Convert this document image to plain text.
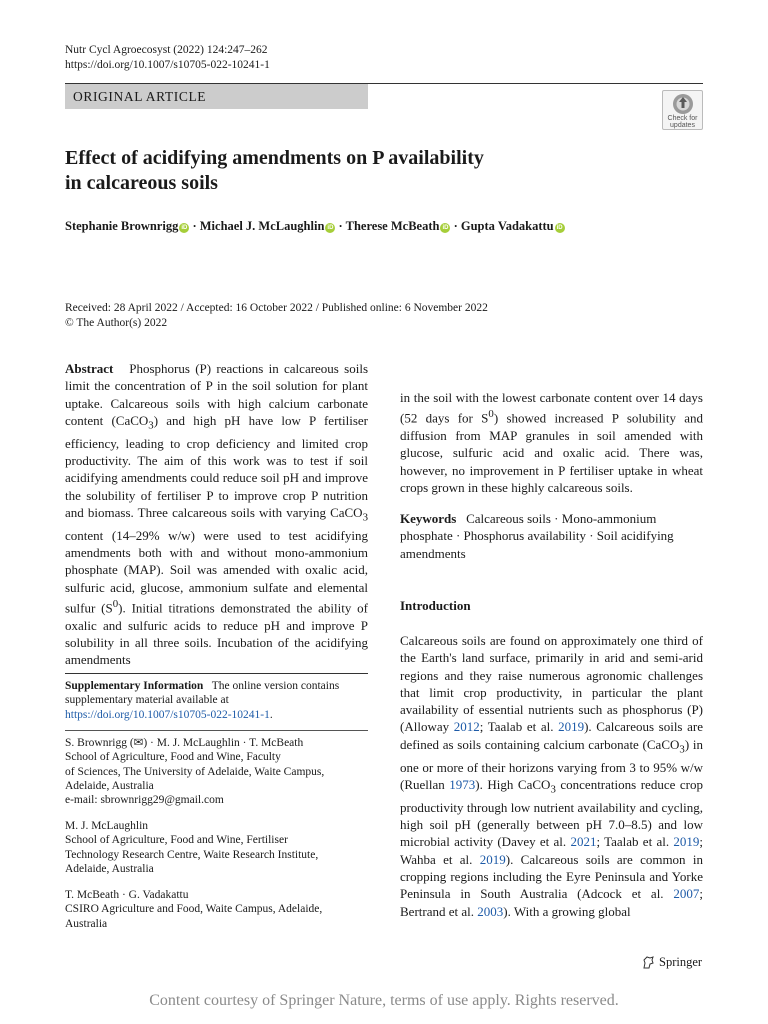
Nutr Cycl Agroecosyst (2022) 124:247–262
https://doi.org/10.1007/s10705-022-10241-1
ORIGINAL ARTICLE
Check for
updates
Effect of acidifying amendments on P availability
in calcareous soils
Stephanie Brownrigg iD · Michael J. McLaughlin iD · Therese McBeath iD · Gupta Vadakattu iD
Received: 28 April 2022 / Accepted: 16 October 2022 / Published online: 6 November 2022
© The Author(s) 2022

Abstract Phosphorus (P) reactions in calcareous soils limit the concentration of P in the soil solution for plant uptake. Calcareous soils with high calcium carbonate content (CaCO$_3$) and high pH have low P fertiliser efficiency, leading to crop deficiency and limited crop productivity. The aim of this work was to test if soil acidifying amendments could reduce soil pH and improve the solubility of fertiliser P to improve crop P nutrition and biomass. Three calcareous soils with varying CaCO$_3$ content (14–29% w/w) were used to test acidifying amendments both with and without mono-ammonium phosphate (MAP). Soil was amended with oxalic acid, sulfuric acid, glucose, ammonium sulfate and elemental sulfur $(S^0)$. Initial titrations demonstrated the ability of oxalic and sulfuric acids to reduce pH and improve P solubility in all three soils. Incubation of the acidifying amendments

Supplementary Information The online version contains supplementary material available at https://doi.org/10.1007/s10705-022-10241-1.
S. Brownrigg (✉) · M. J. McLaughlin · T. McBeath
School of Agriculture, Food and Wine, Faculty
of Sciences, The University of Adelaide, Waite Campus,
Adelaide, Australia
e-mail: sbrownrigg29@gmail.com
M. J. McLaughlin
School of Agriculture, Food and Wine, Fertiliser
Technology Research Centre, Waite Research Institute,
Adelaide, Australia
T. McBeath · G. Vadakattu
CSIRO Agriculture and Food, Waite Campus, Adelaide,
Australia

in the soil with the lowest carbonate content over 14 days (52 days for $S^0$) showed increased P solubility and diffusion from MAP granules in soil amended with glucose, sulfuric acid and oxalic acid. There was, however, no improvement in P fertiliser uptake in wheat crops grown in these highly calcareous soils.

Keywords Calcareous soils · Mono-ammonium phosphate · Phosphorus availability · Soil acidifying amendments
Introduction

Calcareous soils are found on approximately one third of the Earth's land surface, primarily in arid and semi-arid regions and they raise numerous agronomic challenges that limit crop productivity, in particular the plant availability of essential nutrients such as phosphorus (P) (Alloway 2012; Taalab et al. 2019). Calcareous soils are defined as soils containing calcium carbonate (CaCO$_3$) in one or more of their horizons varying from 3 to 95% w/w (Ruellan 1973). High CaCO$_3$ concentrations reduce crop productivity through low nutrient availability and cycling, high soil pH (generally between pH 7.0–8.5) and low microbial activity (Davey et al. 2021; Taalab et al. 2019; Wahba et al. 2019). Calcareous soils are common in cropping regions including the Eyre Peninsula and Yorke Peninsula in South Australia (Adcock et al. 2007; Bertrand et al. 2003). With a growing global

Springer
Content courtesy of Springer Nature, terms of use apply. Rights reserved.
